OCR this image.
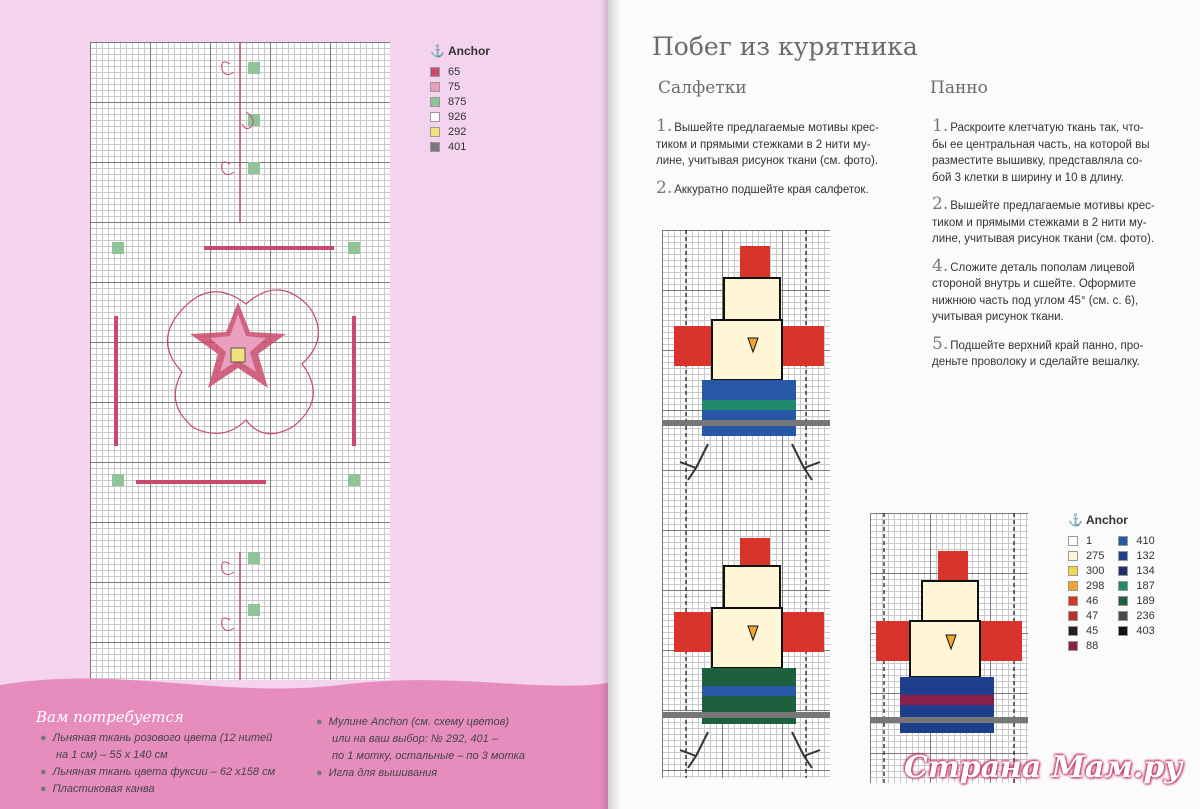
⚓ Anchor
65
75
875
926
292
401
Вам потребуется
● Льняная ткань розового цвета (12 нитей
на 1 см) – 55 х 140 см
● Льняная ткань цвета фуксии – 62 х158 см
● Пластиковая канва
● Мулине Anchon (см. схему цветов)
или на ваш выбор: № 292, 401 –
по 1 мотку, остальные – по 3 мотка
● Игла для вышивания
Побег из курятника
Салфетки	Панно
1. Вышейте предлагаемые мотивы крес-
тиком и прямыми стежками в 2 нити му-
лине, учитывая рисунок ткани (см. фото).
2. Аккуратно подшейте края салфеток.
1. Раскроите клетчатую ткань так, что-
бы ее центральная часть, на которой вы
разместите вышивку, представляла со-
бой 3 клетки в ширину и 10 в длину.
2. Вышейте предлагаемые мотивы крес-
тиком и прямыми стежками в 2 нити му-
лине, учитывая рисунок ткани (см. фото).
4. Сложите деталь пополам лицевой
стороной внутрь и сшейте. Оформите
нижнюю часть под углом 45° (см. с. 6),
учитывая рисунок ткани.
5. Подшейте верхний край панно, про-
деньте проволоку и сделайте вешалку.
⚓ Anchor
1
275
300
298
46
47
45
88
410
132
134
187
189
236
403
Страна Мам.ру
